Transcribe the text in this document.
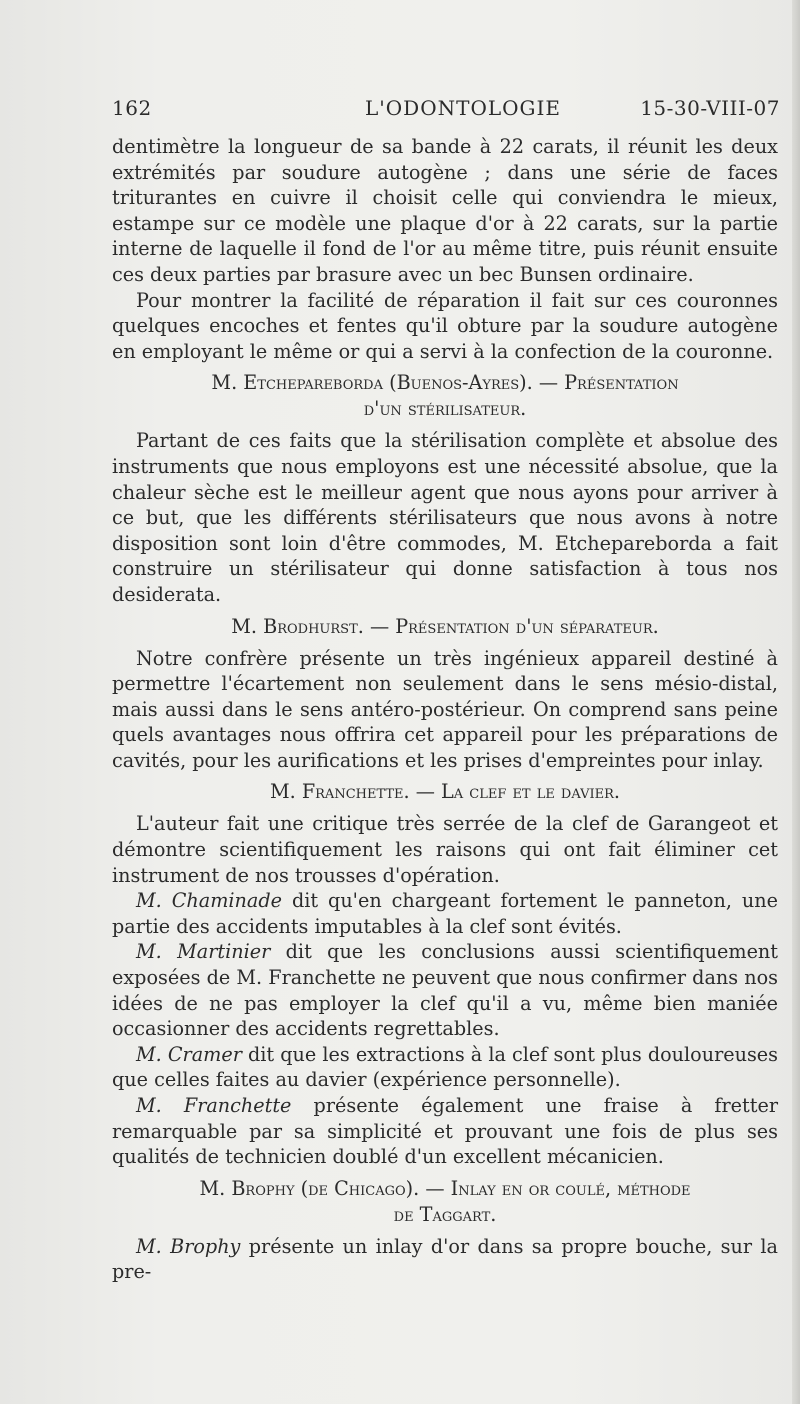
162	L'ODONTOLOGIE	15-30-VIII-07

dentimètre la longueur de sa bande à 22 carats, il réunit les deux extrémités par soudure autogène ; dans une série de faces triturantes en cuivre il choisit celle qui conviendra le mieux, estampe sur ce modèle une plaque d'or à 22 carats, sur la partie interne de laquelle il fond de l'or au même titre, puis réunit ensuite ces deux parties par brasure avec un bec Bunsen ordinaire.

Pour montrer la facilité de réparation il fait sur ces couronnes quelques encoches et fentes qu'il obture par la soudure autogène en employant le même or qui a servi à la confection de la couronne.

M. Etchepareborda (Buenos-Ayres). — Présentation
d'un stérilisateur.

Partant de ces faits que la stérilisation complète et absolue des instruments que nous employons est une nécessité absolue, que la chaleur sèche est le meilleur agent que nous ayons pour arriver à ce but, que les différents stérilisateurs que nous avons à notre disposition sont loin d'être commodes, M. Etchepareborda a fait construire un stérilisateur qui donne satisfaction à tous nos desiderata.

M. Brodhurst. — Présentation d'un séparateur.

Notre confrère présente un très ingénieux appareil destiné à permettre l'écartement non seulement dans le sens mésio-distal, mais aussi dans le sens antéro-postérieur. On comprend sans peine quels avantages nous offrira cet appareil pour les préparations de cavités, pour les aurifications et les prises d'empreintes pour inlay.

M. Franchette. — La clef et le davier.

L'auteur fait une critique très serrée de la clef de Garangeot et démontre scientifiquement les raisons qui ont fait éliminer cet instrument de nos trousses d'opération.

M. Chaminade dit qu'en chargeant fortement le panneton, une partie des accidents imputables à la clef sont évités.

M. Martinier dit que les conclusions aussi scientifiquement exposées de M. Franchette ne peuvent que nous confirmer dans nos idées de ne pas employer la clef qu'il a vu, même bien maniée occasionner des accidents regrettables.

M. Cramer dit que les extractions à la clef sont plus douloureuses que celles faites au davier (expérience personnelle).

M. Franchette présente également une fraise à fretter remarquable par sa simplicité et prouvant une fois de plus ses qualités de technicien doublé d'un excellent mécanicien.

M. Brophy (de Chicago). — Inlay en or coulé, méthode
de Taggart.

M. Brophy présente un inlay d'or dans sa propre bouche, sur la pre-
